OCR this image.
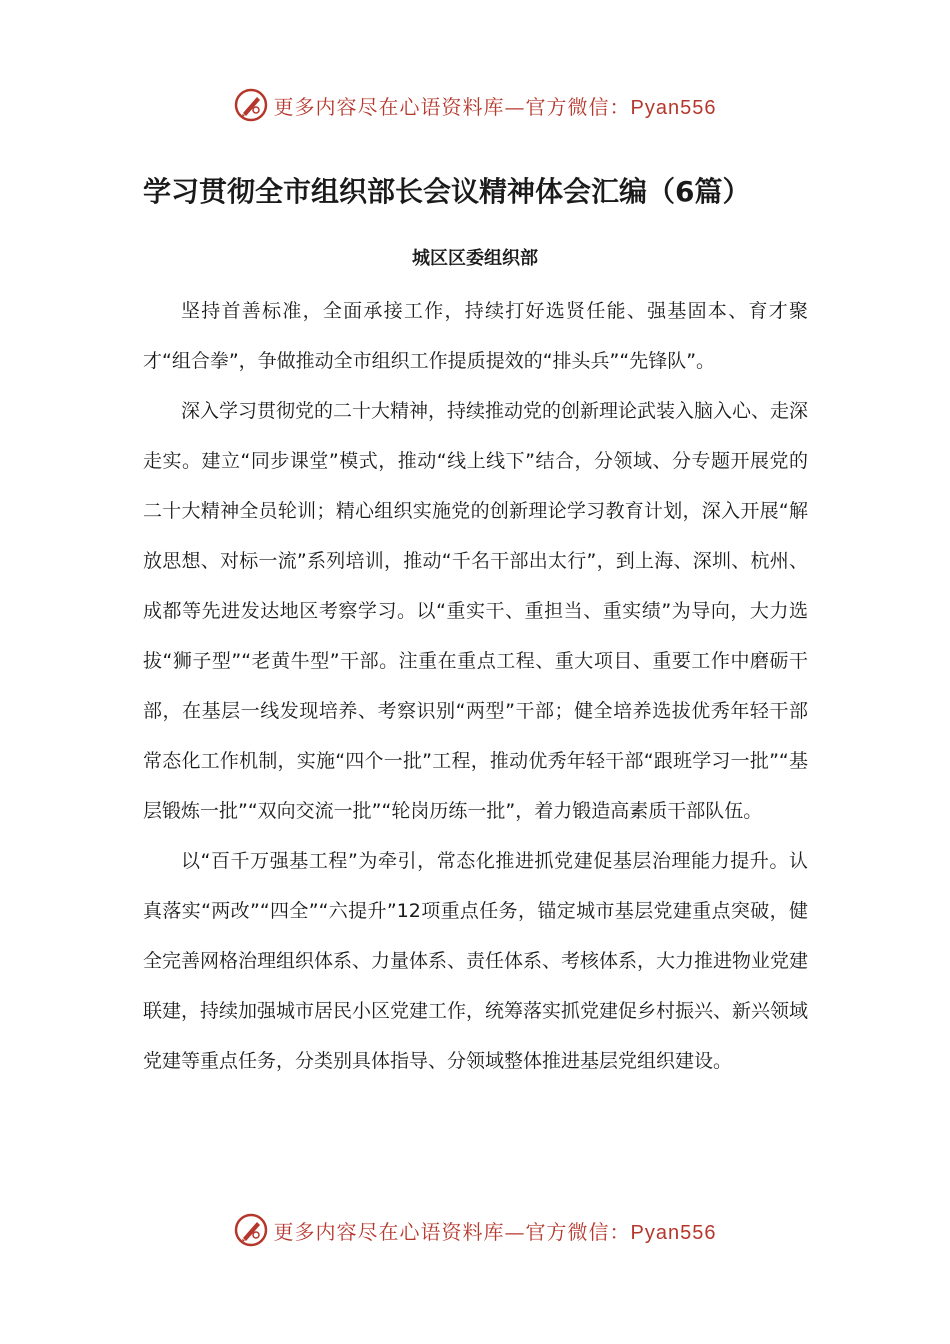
更多内容尽在心语资料库—官方微信：Pyan556
学习贯彻全市组织部长会议精神体会汇编（6篇）
城区区委组织部

坚持首善标准，全面承接工作，持续打好选贤任能、强基固本、育才聚才“组合拳”，争做推动全市组织工作提质提效的“排头兵”“先锋队”。

深入学习贯彻党的二十大精神，持续推动党的创新理论武装入脑入心、走深走实。建立“同步课堂”模式，推动“线上线下”结合，分领域、分专题开展党的二十大精神全员轮训；精心组织实施党的创新理论学习教育计划，深入开展“解放思想、对标一流”系列培训，推动“千名干部出太行”，到上海、深圳、杭州、成都等先进发达地区考察学习。以“重实干、重担当、重实绩”为导向，大力选拔“狮子型”“老黄牛型”干部。注重在重点工程、重大项目、重要工作中磨砺干部，在基层一线发现培养、考察识别“两型”干部；健全培养选拔优秀年轻干部常态化工作机制，实施“四个一批”工程，推动优秀年轻干部“跟班学习一批”“基层锻炼一批”“双向交流一批”“轮岗历练一批”，着力锻造高素质干部队伍。

以“百千万强基工程”为牵引，常态化推进抓党建促基层治理能力提升。认真落实“两改”“四全”“六提升”12项重点任务，锚定城市基层党建重点突破，健全完善网格治理组织体系、力量体系、责任体系、考核体系，大力推进物业党建联建，持续加强城市居民小区党建工作，统筹落实抓党建促乡村振兴、新兴领域党建等重点任务，分类别具体指导、分领域整体推进基层党组织建设。

更多内容尽在心语资料库—官方微信：Pyan556
